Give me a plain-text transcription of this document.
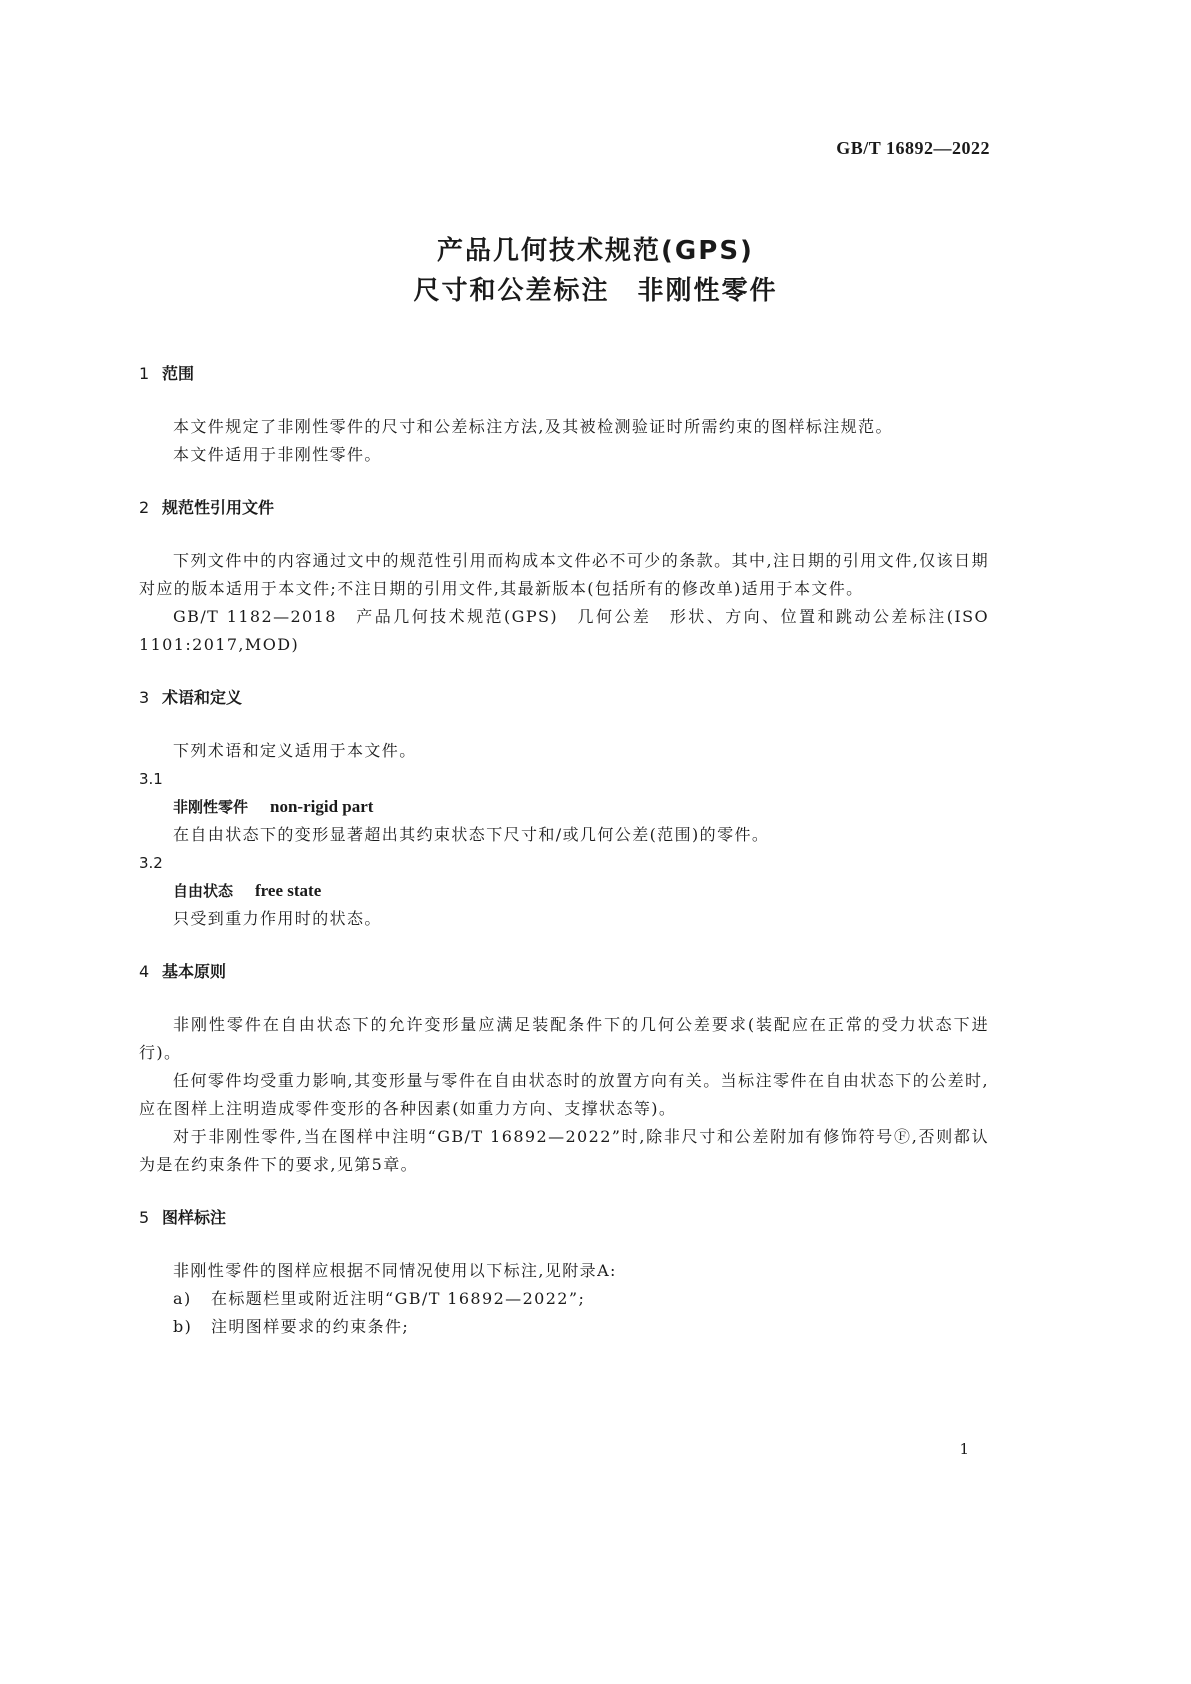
GB/T 16892—2022
产品几何技术规范(GPS)
尺寸和公差标注　非刚性零件
1 范围

本文件规定了非刚性零件的尺寸和公差标注方法,及其被检测验证时所需约束的图样标注规范。

本文件适用于非刚性零件。

2 规范性引用文件

下列文件中的内容通过文中的规范性引用而构成本文件必不可少的条款。其中,注日期的引用文件,仅该日期对应的版本适用于本文件;不注日期的引用文件,其最新版本(包括所有的修改单)适用于本文件。

GB/T 1182—2018　产品几何技术规范(GPS)　几何公差　形状、方向、位置和跳动公差标注(ISO 1101:2017,MOD)

3 术语和定义

下列术语和定义适用于本文件。

3.1
非刚性零件 non-rigid part
在自由状态下的变形显著超出其约束状态下尺寸和/或几何公差(范围)的零件。
3.2
自由状态 free state
只受到重力作用时的状态。
4 基本原则

非刚性零件在自由状态下的允许变形量应满足装配条件下的几何公差要求(装配应在正常的受力状态下进行)。

任何零件均受重力影响,其变形量与零件在自由状态时的放置方向有关。当标注零件在自由状态下的公差时,应在图样上注明造成零件变形的各种因素(如重力方向、支撑状态等)。

对于非刚性零件,当在图样中注明“GB/T 16892—2022”时,除非尺寸和公差附加有修饰符号Ⓕ,否则都认为是在约束条件下的要求,见第5章。

5 图样标注

非刚性零件的图样应根据不同情况使用以下标注,见附录A:

a)	在标题栏里或附近注明“GB/T 16892—2022”;
b)	注明图样要求的约束条件;
1
